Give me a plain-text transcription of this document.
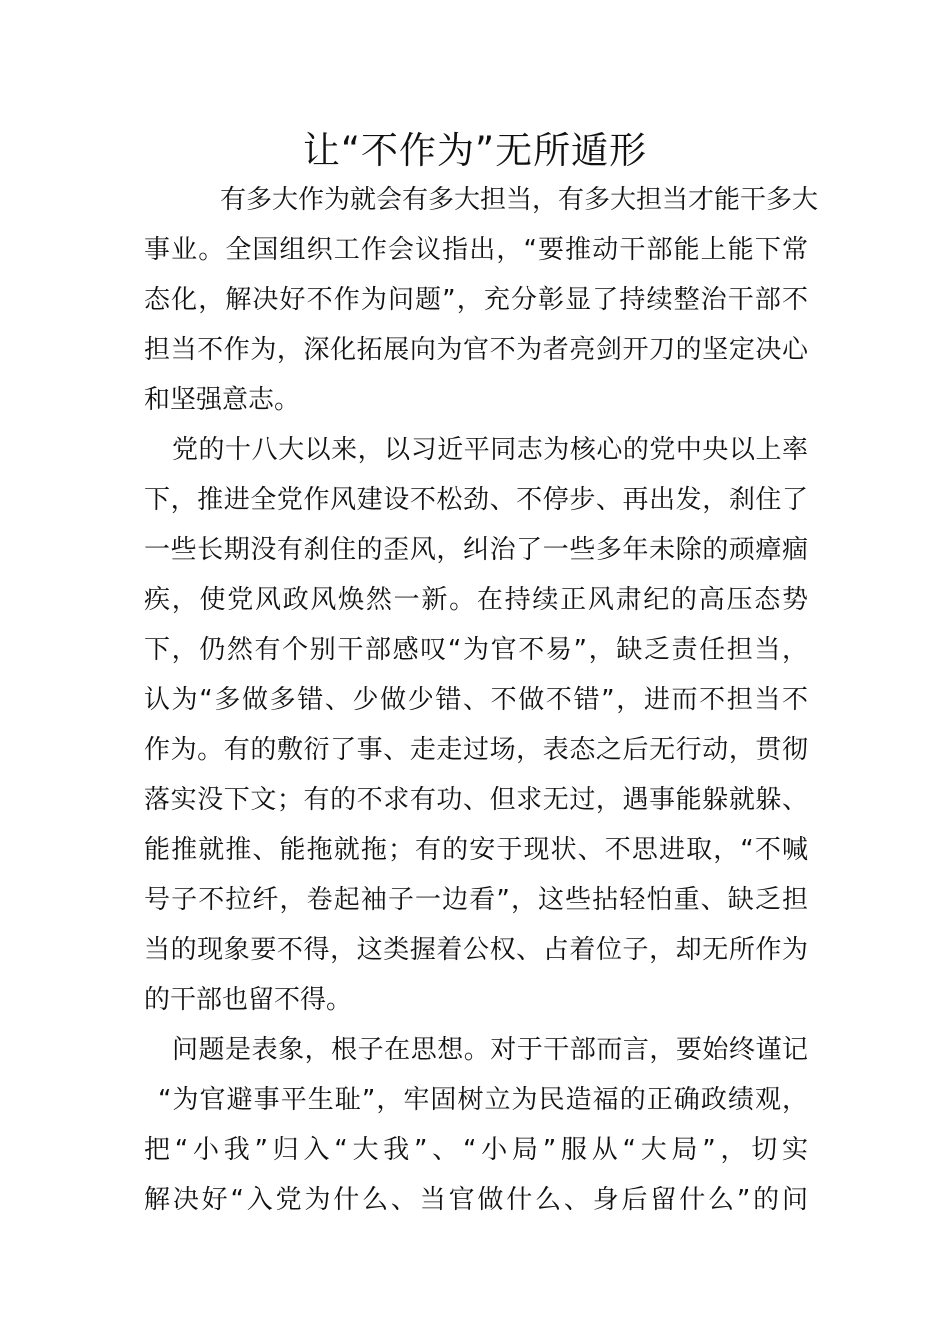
让“不作为”无所遁形
有多大作为就会有多大担当，有多大担当才能干多大
事业。全国组织工作会议指出，“要推动干部能上能下常
态化，解决好不作为问题”，充分彰显了持续整治干部不
担当不作为，深化拓展向为官不为者亮剑开刀的坚定决心
和坚强意志。
党的十八大以来，以习近平同志为核心的党中央以上率
下，推进全党作风建设不松劲、不停步、再出发，刹住了
一些长期没有刹住的歪风，纠治了一些多年未除的顽瘴痼
疾，使党风政风焕然一新。在持续正风肃纪的高压态势
下，仍然有个别干部感叹“为官不易”，缺乏责任担当，
认为“多做多错、少做少错、不做不错”，进而不担当不
作为。有的敷衍了事、走走过场，表态之后无行动，贯彻
落实没下文；有的不求有功、但求无过，遇事能躲就躲、
能推就推、能拖就拖；有的安于现状、不思进取，“不喊
号子不拉纤，卷起袖子一边看”，这些拈轻怕重、缺乏担
当的现象要不得，这类握着公权、占着位子，却无所作为
的干部也留不得。
问题是表象，根子在思想。对于干部而言，要始终谨记
“为官避事平生耻”，牢固树立为民造福的正确政绩观，
把“小我”归入“大我”、“小局”服从“大局”，切实
解决好“入党为什么、当官做什么、身后留什么”的问
